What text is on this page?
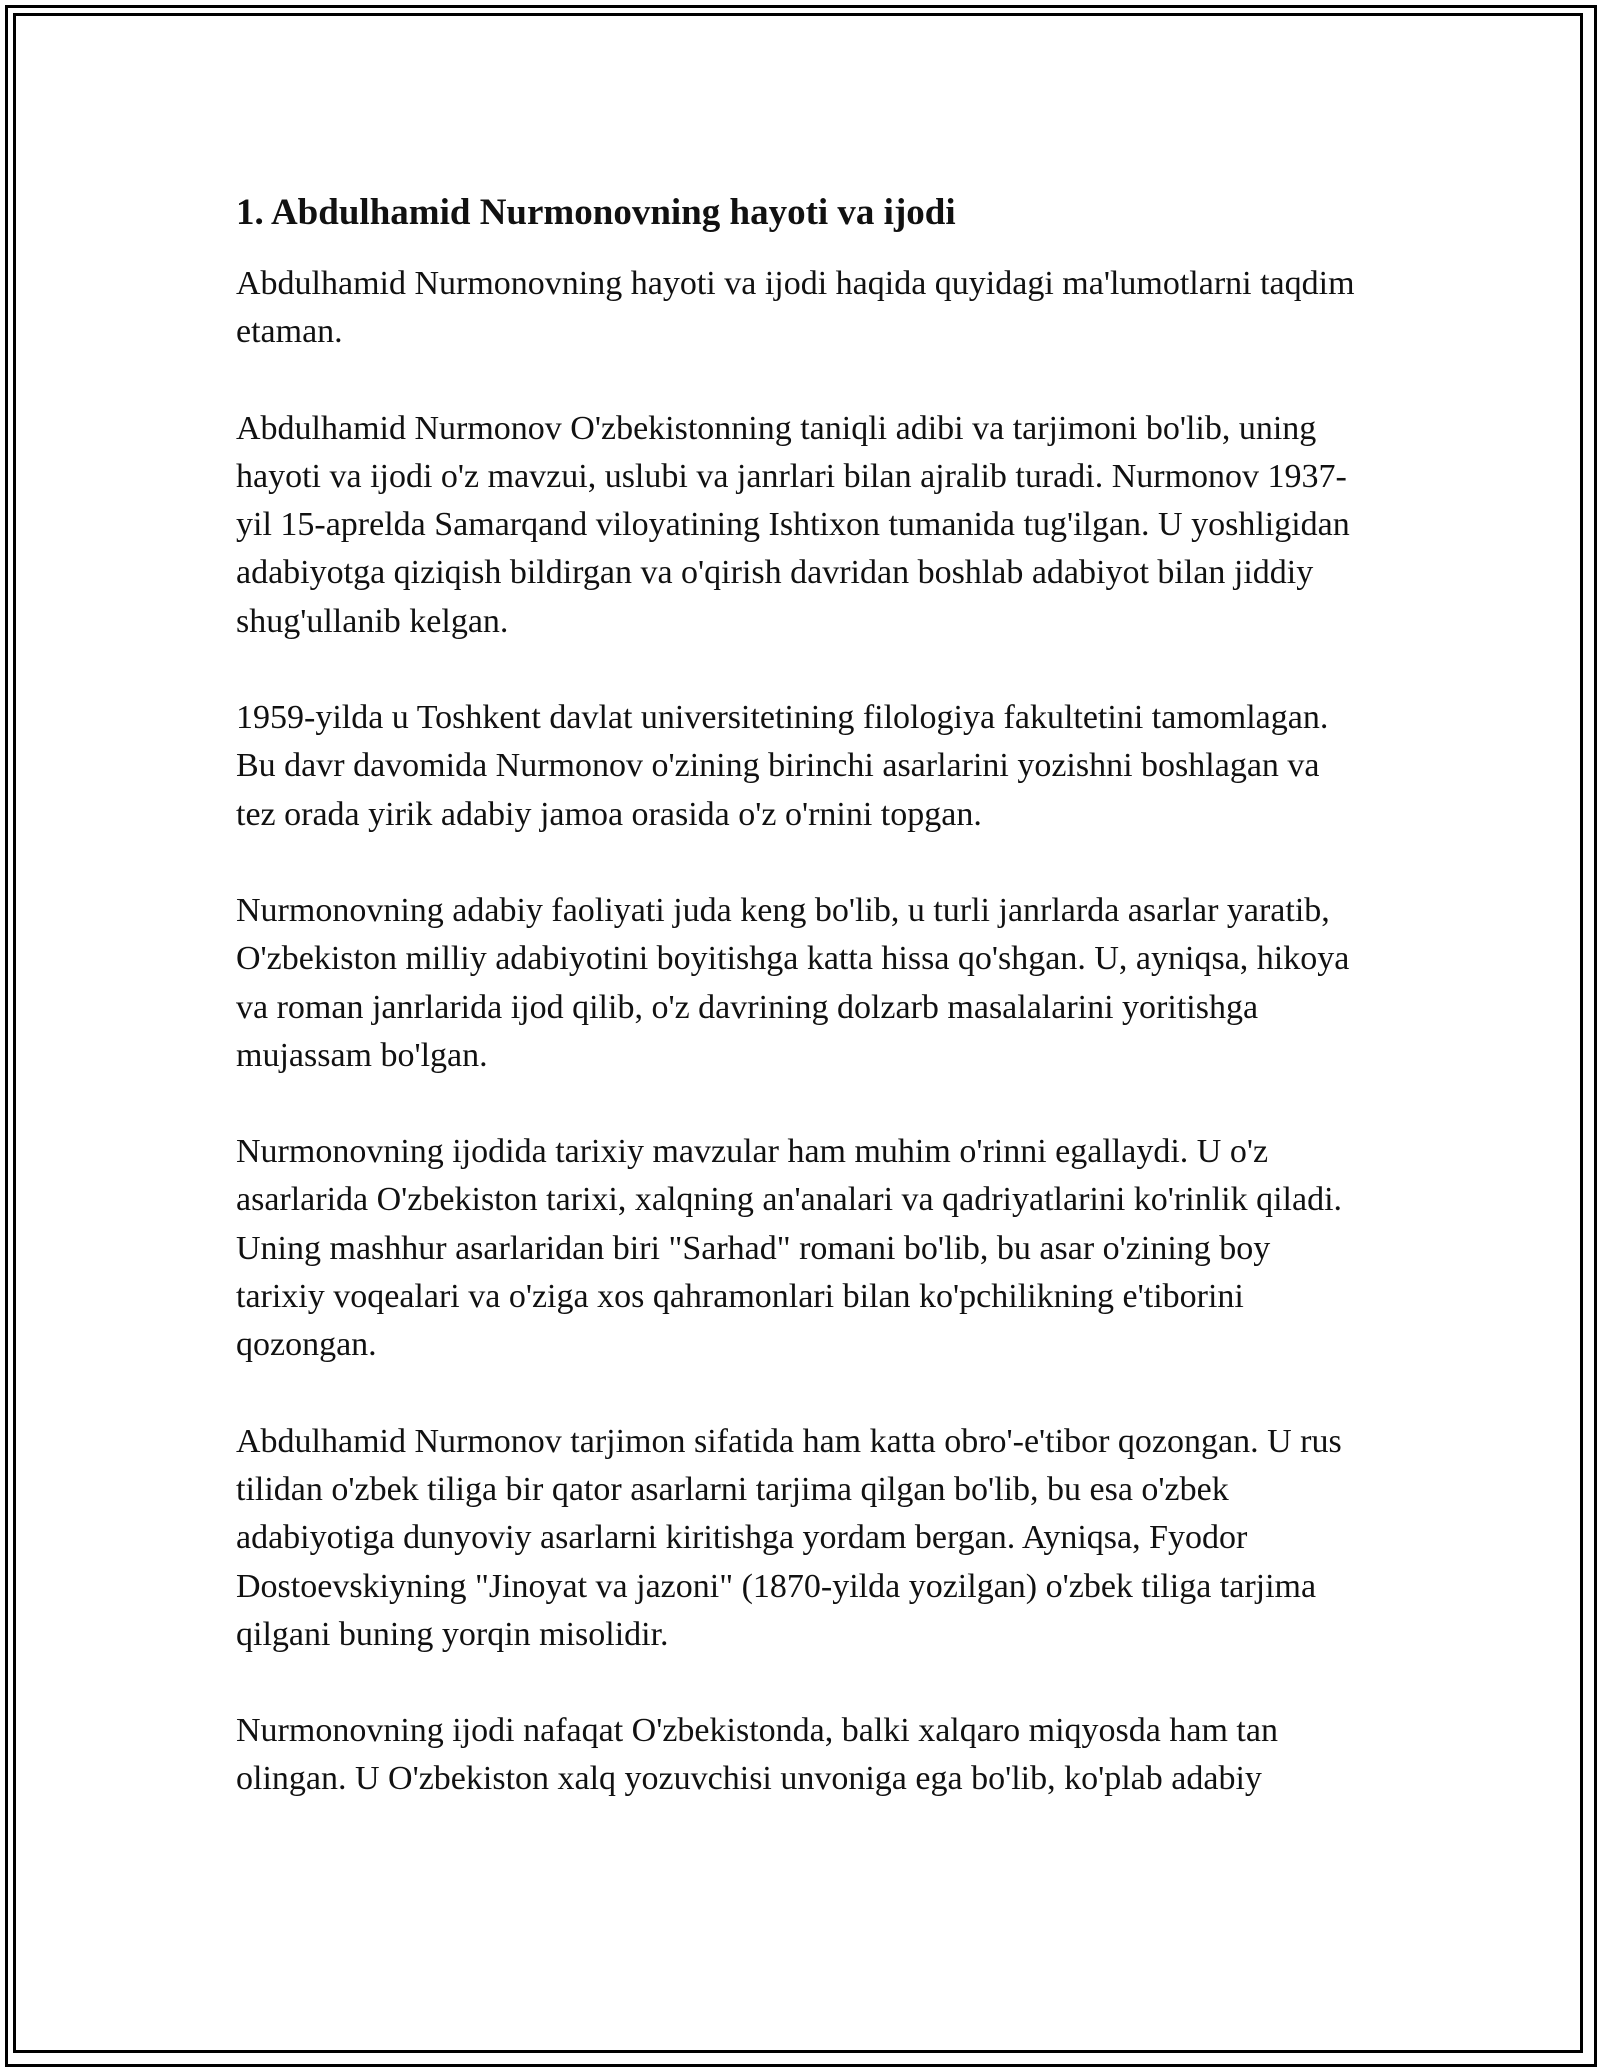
1. Abdulhamid Nurmonovning hayoti va ijodi

Abdulhamid Nurmonovning hayoti va ijodi haqida quyidagi ma'lumotlarni taqdim etaman.

Abdulhamid Nurmonov O'zbekistonning taniqli adibi va tarjimoni bo'lib, uning hayoti va ijodi o'z mavzui, uslubi va janrlari bilan ajralib turadi. Nurmonov 1937-yil 15-aprelda Samarqand viloyatining Ishtixon tumanida tug'ilgan. U yoshligidan adabiyotga qiziqish bildirgan va o'qirish davridan boshlab adabiyot bilan jiddiy shug'ullanib kelgan.

1959-yilda u Toshkent davlat universitetining filologiya fakultetini tamomlagan. Bu davr davomida Nurmonov o'zining birinchi asarlarini yozishni boshlagan va tez orada yirik adabiy jamoa orasida o'z o'rnini topgan.

Nurmonovning adabiy faoliyati juda keng bo'lib, u turli janrlarda asarlar yaratib, O'zbekiston milliy adabiyotini boyitishga katta hissa qo'shgan. U, ayniqsa, hikoya va roman janrlarida ijod qilib, o'z davrining dolzarb masalalarini yoritishga mujassam bo'lgan.

Nurmonovning ijodida tarixiy mavzular ham muhim o'rinni egallaydi. U o'z asarlarida O'zbekiston tarixi, xalqning an'analari va qadriyatlarini ko'rinlik qiladi. Uning mashhur asarlaridan biri "Sarhad" romani bo'lib, bu asar o'zining boy tarixiy voqealari va o'ziga xos qahramonlari bilan ko'pchilikning e'tiborini qozongan.

Abdulhamid Nurmonov tarjimon sifatida ham katta obro'-e'tibor qozongan. U rus tilidan o'zbek tiliga bir qator asarlarni tarjima qilgan bo'lib, bu esa o'zbek adabiyotiga dunyoviy asarlarni kiritishga yordam bergan. Ayniqsa, Fyodor Dostoevskiyning "Jinoyat va jazoni" (1870-yilda yozilgan) o'zbek tiliga tarjima qilgani buning yorqin misolidir.

Nurmonovning ijodi nafaqat O'zbekistonda, balki xalqaro miqyosda ham tan olingan. U O'zbekiston xalq yozuvchisi unvoniga ega bo'lib, ko'plab adabiy
